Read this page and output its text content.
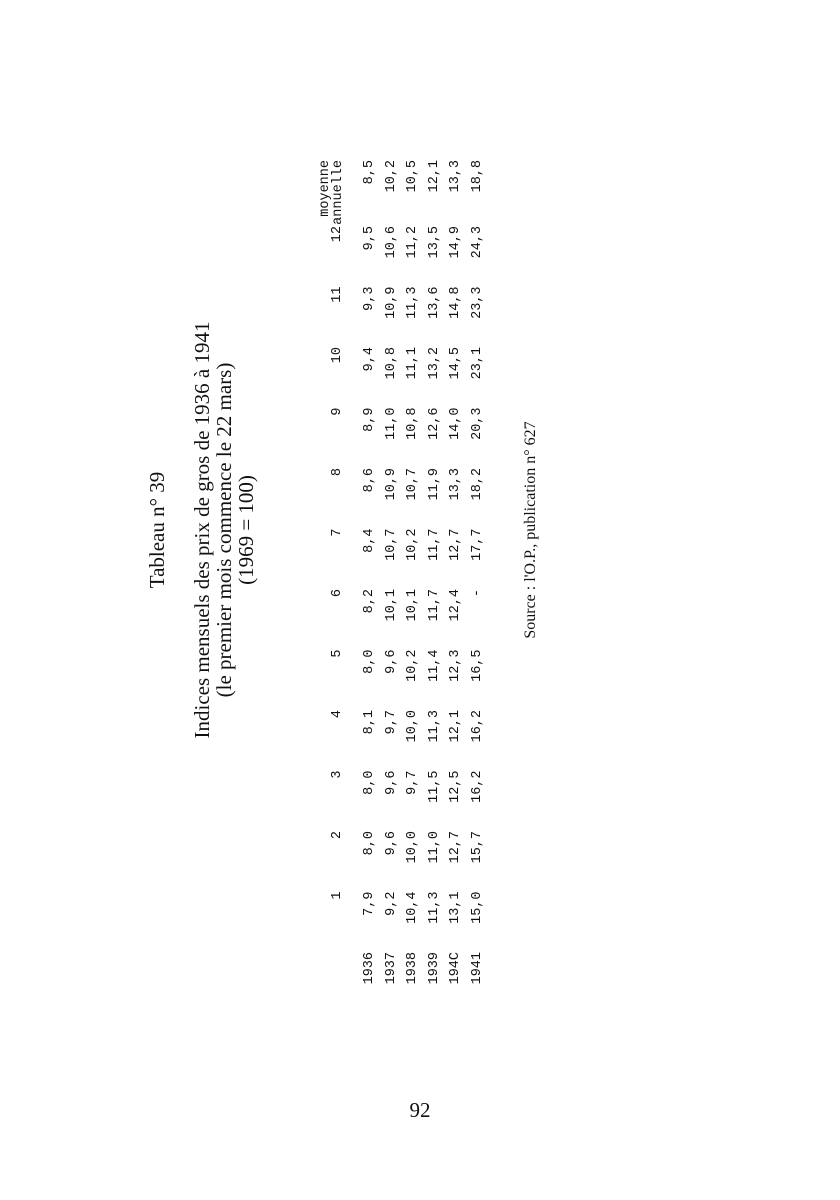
Tableau n° 39 Indices mensuels des prix de gros de 1936 à 1941
(le premier mois commence le 22 mars)
(1969 = 100)
	1	2	3	4	5	6	7	8	9	10	11	12	moyenne
annuelle

1936	7,9	8,0	8,0	8,1	8,0	8,2	8,4	8,6	8,9	9,4	9,3	9,5	8,5
1937	9,2	9,6	9,6	9,7	9,6	10,1	10,7	10,9	11,0	10,8	10,9	10,6	10,2
1938	10,4	10,0	9,7	10,0	10,2	10,1	10,2	10,7	10,8	11,1	11,3	11,2	10,5
1939	11,3	11,0	11,5	11,3	11,4	11,7	11,7	11,9	12,6	13,2	13,6	13,5	12,1
194C	13,1	12,7	12,5	12,1	12,3	12,4	12,7	13,3	14,0	14,5	14,8	14,9	13,3
1941	15,0	15,7	16,2	16,2	16,5	-	17,7	18,2	20,3	23,1	23,3	24,3	18,8
Source : l'O.P., publication n° 627
92
